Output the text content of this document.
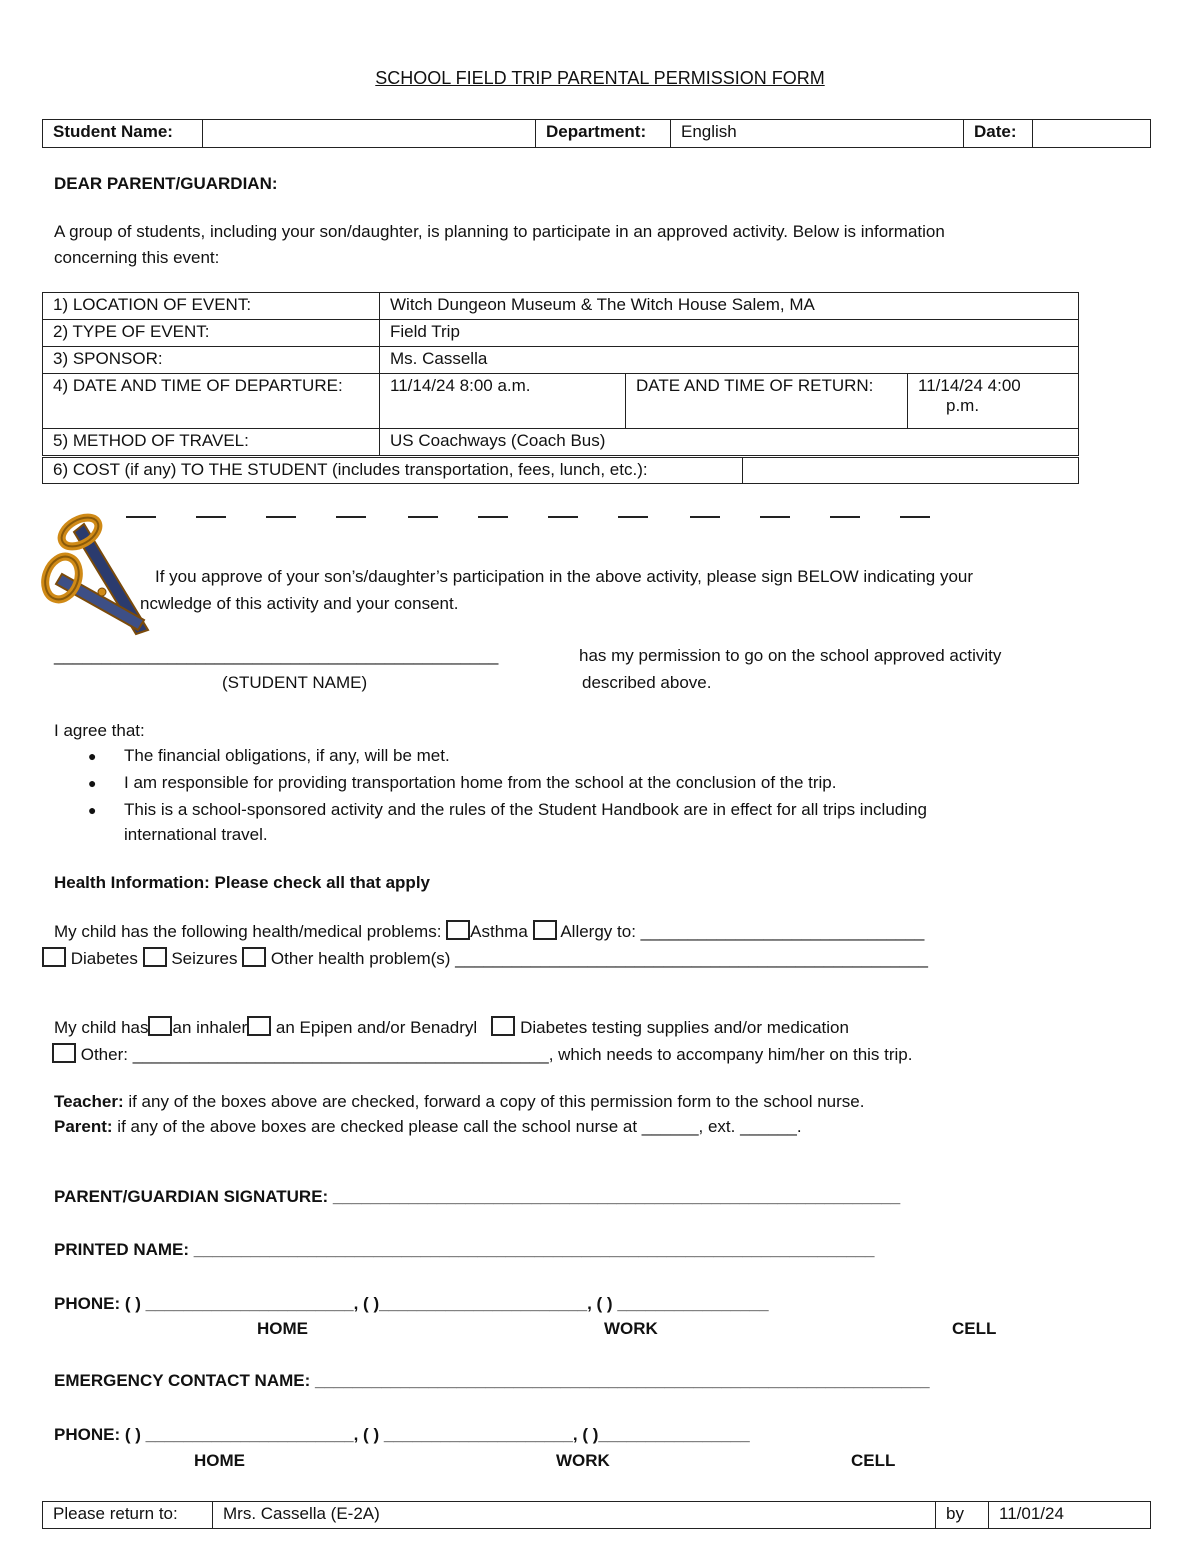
SCHOOL FIELD TRIP PARENTAL PERMISSION FORM
Student Name:		Department:	English	Date:	
DEAR PARENT/GUARDIAN:
A group of students, including your son/daughter, is planning to participate in an approved activity. Below is information
concerning this event:
1) LOCATION OF EVENT:	Witch Dungeon Museum & The Witch House Salem, MA		
2) TYPE OF EVENT:	Field Trip		
3) SPONSOR:	Ms. Cassella		
4) DATE AND TIME OF DEPARTURE:	11/14/24 8:00 a.m.	DATE AND TIME OF RETURN:	11/14/24 4:00
p.m.

5) METHOD OF TRAVEL:	US Coachways (Coach Bus)		
6) COST (if any) TO THE STUDENT (includes transportation, fees, lunch, etc.):	
If you approve of your son’s/daughter’s participation in the above activity, please sign BELOW indicating your
ncwledge of this activity and your consent.
_______________________________________________	has my permission to go on the school approved activity
(STUDENT NAME)	described above.
I agree that:
● The financial obligations, if any, will be met.
● I am responsible for providing transportation home from the school at the conclusion of the trip.
● This is a school-sponsored activity and the rules of the Student Handbook are in effect for all trips including
international travel.
Health Information: Please check all that apply
My child has the following health/medical problems: Asthma Allergy to: ______________________________
Diabetes Seizures Other health problem(s) __________________________________________________
My child has an inhaler an Epipen and/or Benadryl	Diabetes testing supplies and/or medication
Other: ____________________________________________, which needs to accompany him/her on this trip.
Teacher: if any of the boxes above are checked, forward a copy of this permission form to the school nurse.
Parent: if any of the above boxes are checked please call the school nurse at ______, ext. ______.
PARENT/GUARDIAN SIGNATURE: ____________________________________________________________
PRINTED NAME: ________________________________________________________________________
PHONE: ( ) ______________________, ( )______________________, ( ) ________________
HOME	WORK	CELL
EMERGENCY CONTACT NAME: _________________________________________________________________
PHONE: ( ) ______________________, ( ) ____________________, ( )________________
HOME	WORK	CELL
Please return to:	Mrs. Cassella (E-2A)	by	11/01/24
